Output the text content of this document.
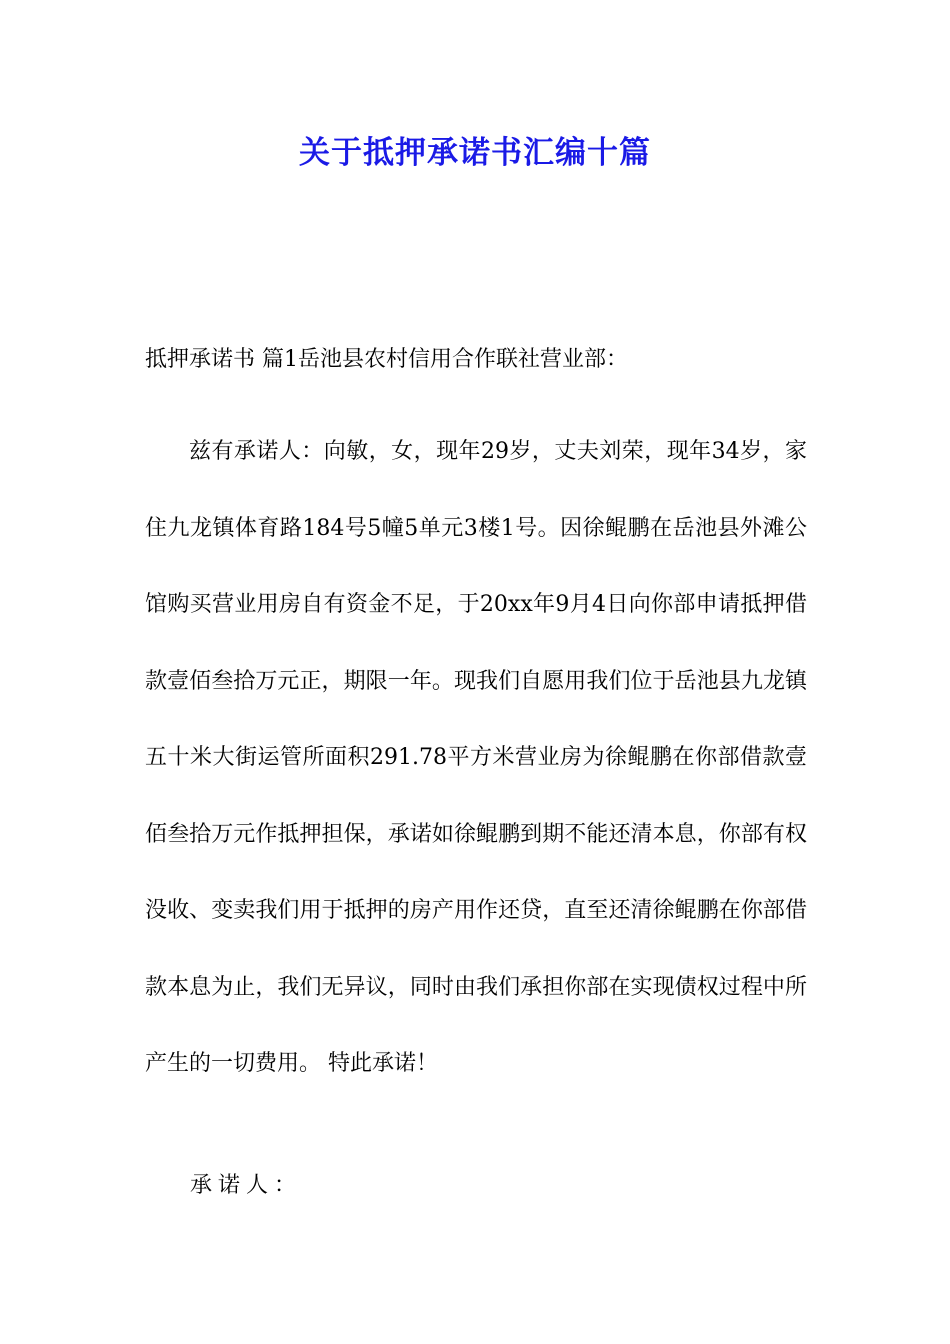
关于抵押承诺书汇编十篇
抵押承诺书 篇1岳池县农村信用合作联社营业部：

兹有承诺人：向敏，女，现年29岁，丈夫刘荣，现年34岁，家住九龙镇体育路184号5幢5单元3楼1号。因徐鲲鹏在岳池县外滩公馆购买营业用房自有资金不足，于20xx年9月4日向你部申请抵押借款壹佰叁拾万元正，期限一年。现我们自愿用我们位于岳池县九龙镇五十米大街运管所面积291.78平方米营业房为徐鲲鹏在你部借款壹佰叁拾万元作抵押担保，承诺如徐鲲鹏到期不能还清本息，你部有权没收、变卖我们用于抵押的房产用作还贷，直至还清徐鲲鹏在你部借款本息为止，我们无异议，同时由我们承担你部在实现债权过程中所产生的一切费用。 特此承诺！

承诺人：
